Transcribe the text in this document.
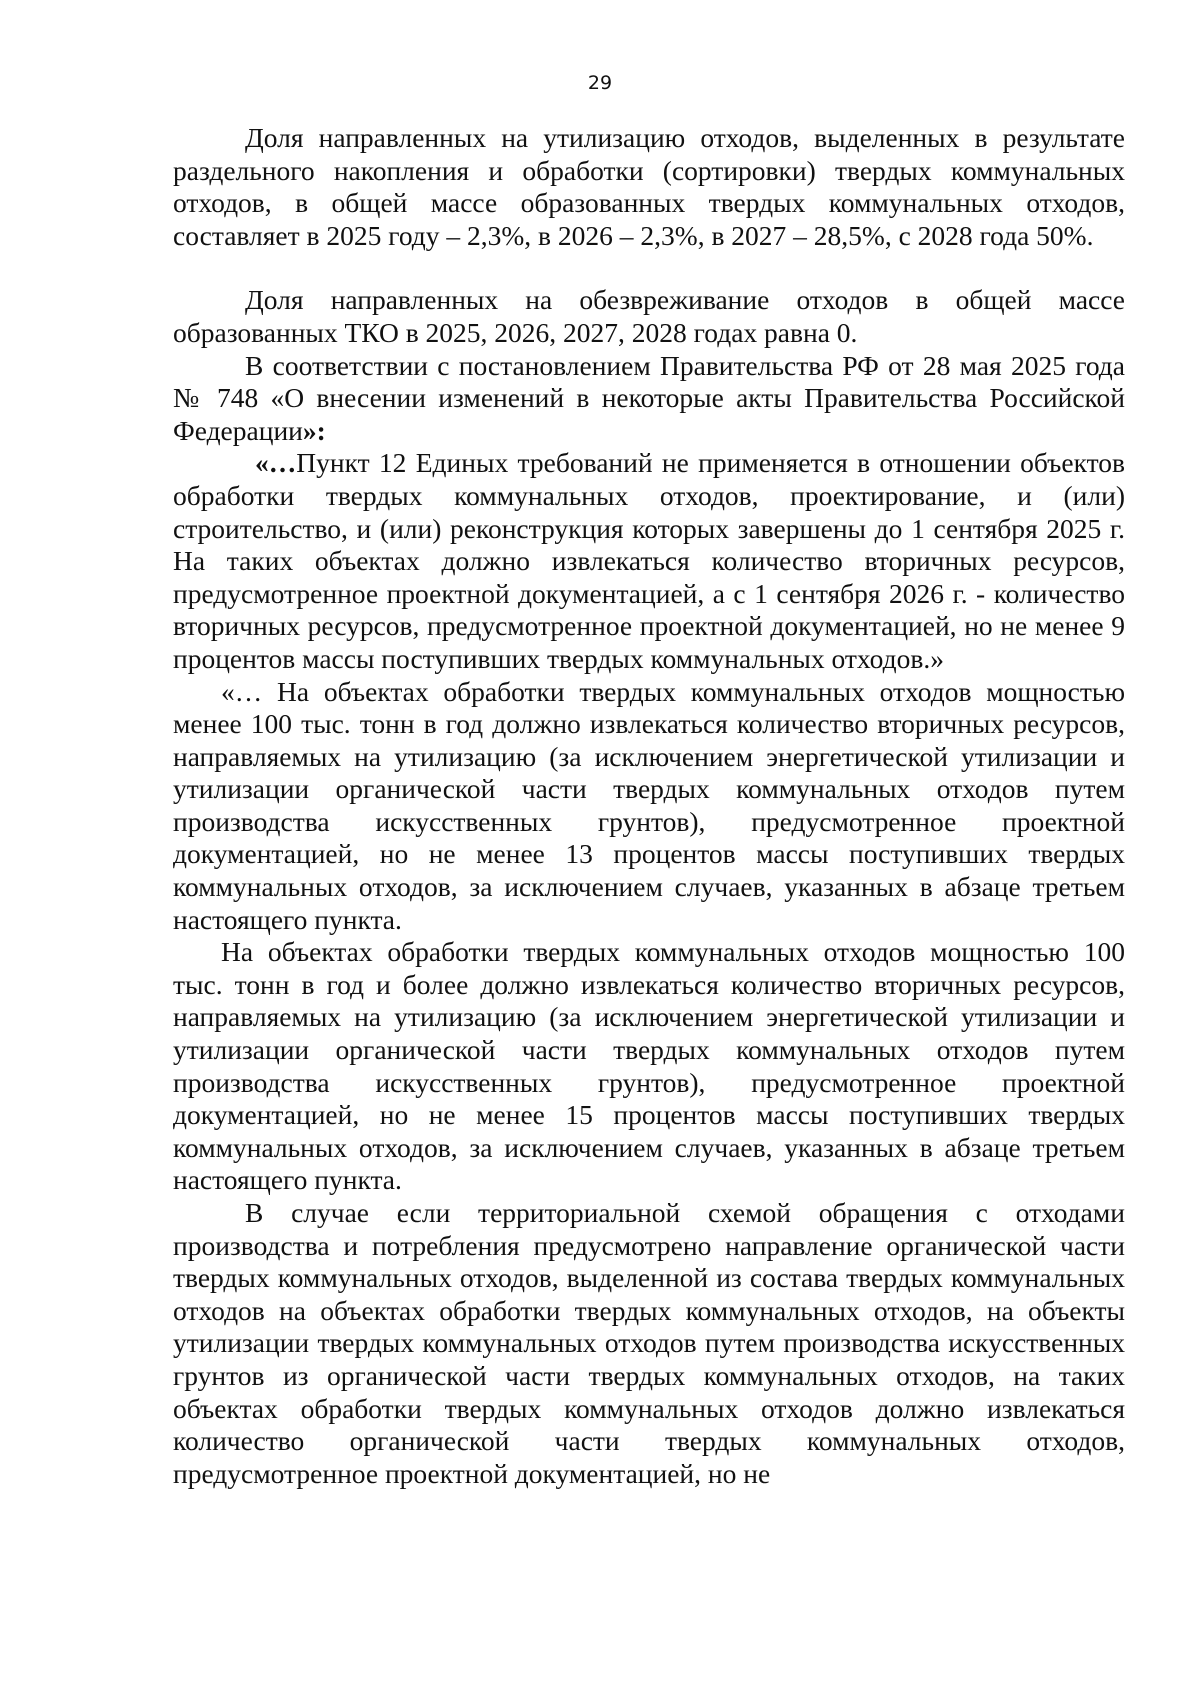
29

Доля направленных на утилизацию отходов, выделенных в результате раздельного накопления и обработки (сортировки) твердых коммунальных отходов, в общей массе образованных твердых коммунальных отходов, составляет в 2025 году – 2,3%, в 2026 – 2,3%, в 2027 – 28,5%, с 2028 года 50%.

Доля направленных на обезвреживание отходов в общей массе образованных ТКО в 2025, 2026, 2027, 2028 годах равна 0.

В соответствии с постановлением Правительства РФ от 28 мая 2025 года № 748 «О внесении изменений в некоторые акты Правительства Российской Федерации»:

«…Пункт 12 Единых требований не применяется в отношении объектов обработки твердых коммунальных отходов, проектирование, и (или) строительство, и (или) реконструкция которых завершены до 1 сентября 2025 г. На таких объектах должно извлекаться количество вторичных ресурсов, предусмотренное проектной документацией, а с 1 сентября 2026 г. - количество вторичных ресурсов, предусмотренное проектной документацией, но не менее 9 процентов массы поступивших твердых коммунальных отходов.»

«… На объектах обработки твердых коммунальных отходов мощностью менее 100 тыс. тонн в год должно извлекаться количество вторичных ресурсов, направляемых на утилизацию (за исключением энергетической утилизации и утилизации органической части твердых коммунальных отходов путем производства искусственных грунтов), предусмотренное проектной документацией, но не менее 13 процентов массы поступивших твердых коммунальных отходов, за исключением случаев, указанных в абзаце третьем настоящего пункта.

На объектах обработки твердых коммунальных отходов мощностью 100 тыс. тонн в год и более должно извлекаться количество вторичных ресурсов, направляемых на утилизацию (за исключением энергетической утилизации и утилизации органической части твердых коммунальных отходов путем производства искусственных грунтов), предусмотренное проектной документацией, но не менее 15 процентов массы поступивших твердых коммунальных отходов, за исключением случаев, указанных в абзаце третьем настоящего пункта.

В случае если территориальной схемой обращения с отходами производства и потребления предусмотрено направление органической части твердых коммунальных отходов, выделенной из состава твердых коммунальных отходов на объектах обработки твердых коммунальных отходов, на объекты утилизации твердых коммунальных отходов путем производства искусственных грунтов из органической части твердых коммунальных отходов, на таких объектах обработки твердых коммунальных отходов должно извлекаться количество органической части твердых коммунальных отходов, предусмотренное проектной документацией, но не
